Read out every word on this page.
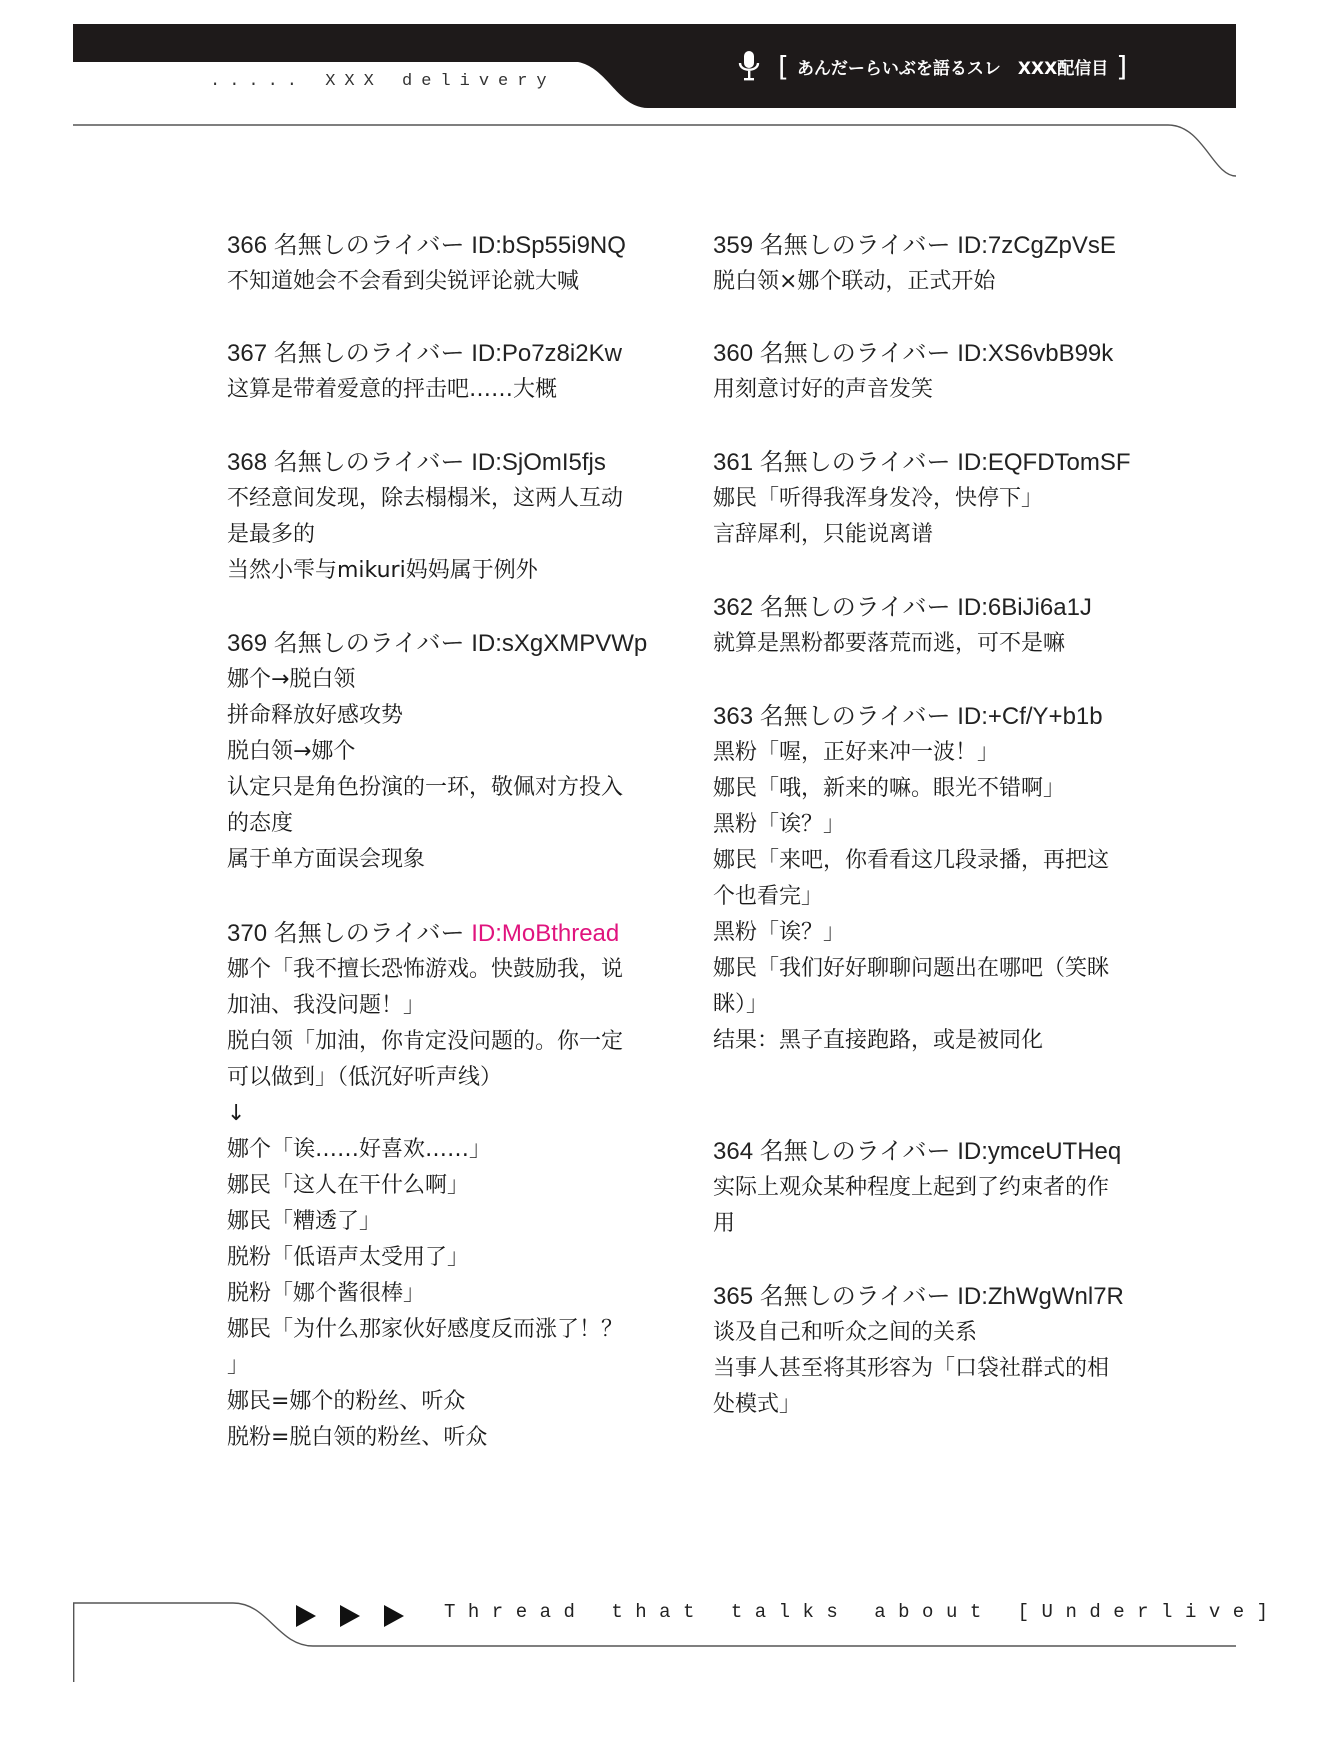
..... XXX delivery	[ あんだーらいぶを語るスレ　XXX配信目 ]
366 名無しのライバー ID:bSp55i9NQ
不知道她会不会看到尖锐评论就大喊
367 名無しのライバー ID:Po7z8i2Kw
这算是带着爱意的抨击吧……大概
368 名無しのライバー ID:SjOmI5fjs
不经意间发现，除去榻榻米，这两人互动
是最多的
当然小雫与mikuri妈妈属于例外
369 名無しのライバー ID:sXgXMPVWp
娜个→脱白领
拼命释放好感攻势
脱白领→娜个
认定只是角色扮演的一环，敬佩对方投入
的态度
属于单方面误会现象
370 名無しのライバー ID:MoBthread
娜个「我不擅长恐怖游戏。快鼓励我，说
加油、我没问题！」
脱白领「加油，你肯定没问题的。你一定
可以做到」（低沉好听声线）
↓
娜个「诶……好喜欢……」
娜民「这人在干什么啊」
娜民「糟透了」
脱粉「低语声太受用了」
脱粉「娜个酱很棒」
娜民「为什么那家伙好感度反而涨了！？
」
娜民=娜个的粉丝、听众
脱粉=脱白领的粉丝、听众
359 名無しのライバー ID:7zCgZpVsE
脱白领×娜个联动，正式开始
360 名無しのライバー ID:XS6vbB99k
用刻意讨好的声音发笑
361 名無しのライバー ID:EQFDTomSF
娜民「听得我浑身发冷，快停下」
言辞犀利，只能说离谱
362 名無しのライバー ID:6BiJi6a1J
就算是黑粉都要落荒而逃，可不是嘛
363 名無しのライバー ID:+Cf/Y+b1b
黑粉「喔，正好来冲一波！」
娜民「哦，新来的嘛。眼光不错啊」
黑粉「诶？」
娜民「来吧，你看看这几段录播，再把这
个也看完」
黑粉「诶？」
娜民「我们好好聊聊问题出在哪吧（笑眯
眯）」
结果：黑子直接跑路，或是被同化
364 名無しのライバー ID:ymceUTHeq
实际上观众某种程度上起到了约束者的作
用
365 名無しのライバー ID:ZhWgWnl7R
谈及自己和听众之间的关系
当事人甚至将其形容为「口袋社群式的相
处模式」
Thread that talks about [Underlive]
